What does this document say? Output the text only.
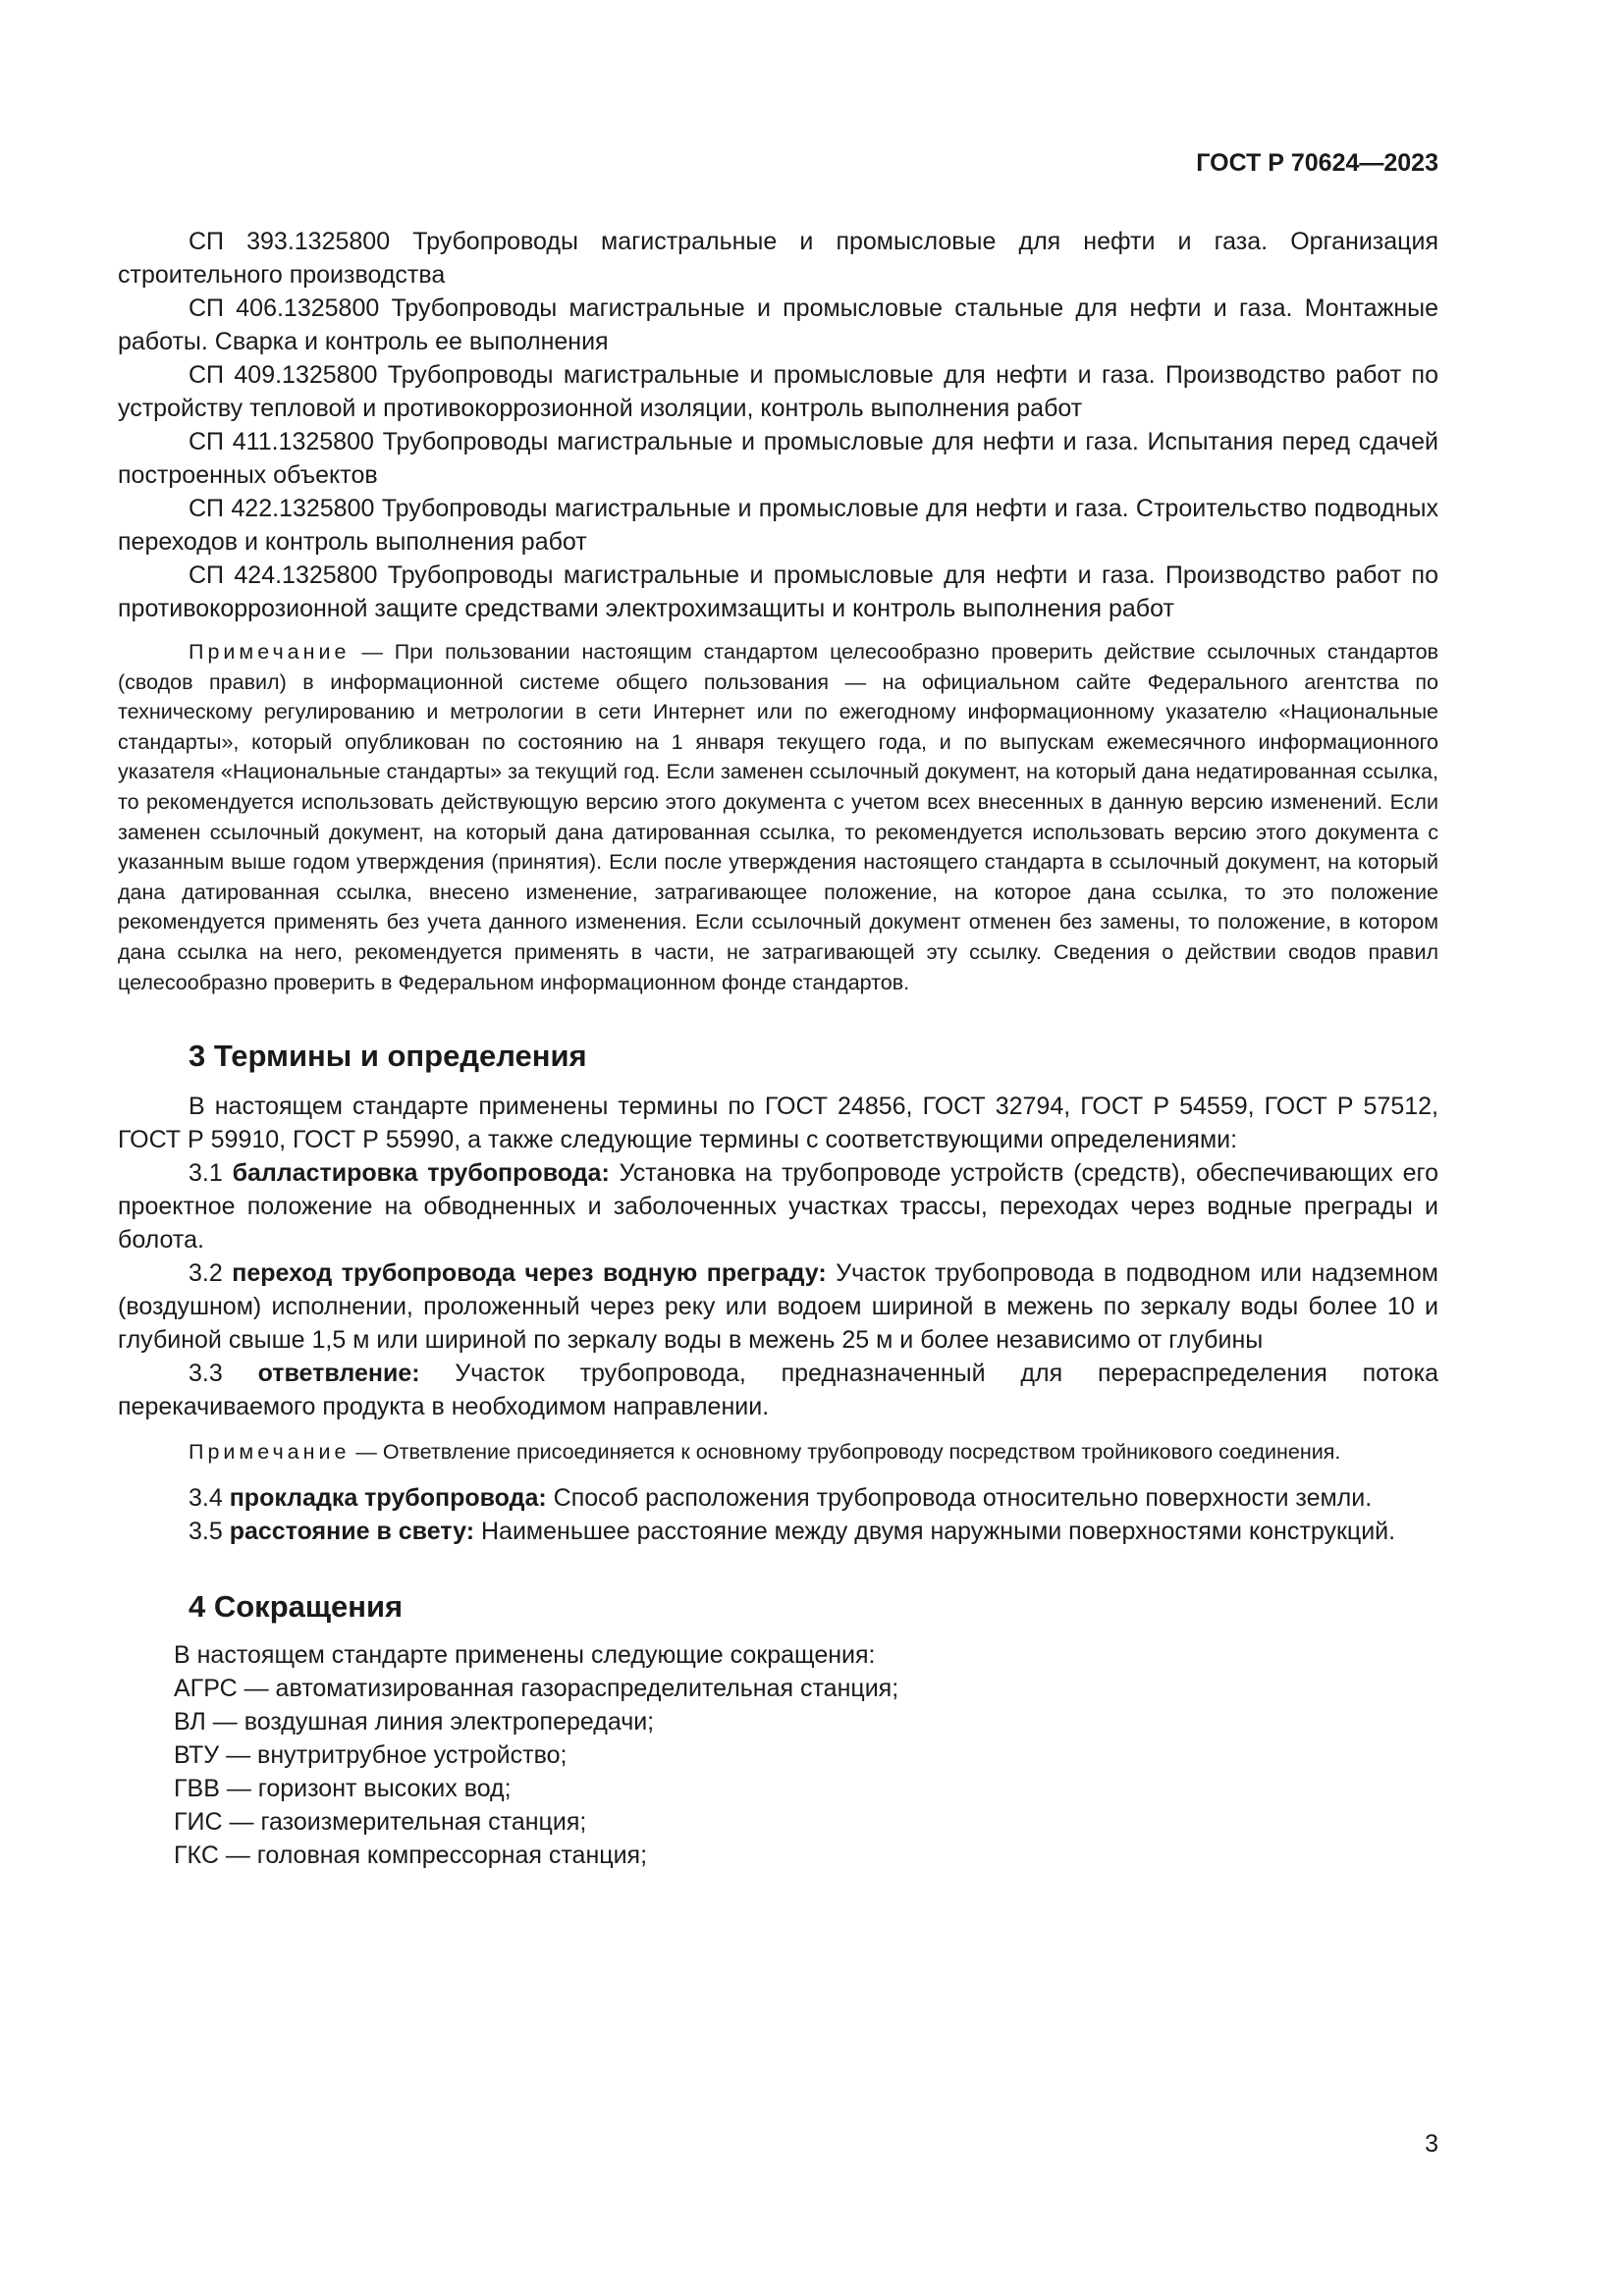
ГОСТ Р 70624—2023

СП 393.1325800 Трубопроводы магистральные и промысловые для нефти и газа. Организация строительного производства

СП 406.1325800 Трубопроводы магистральные и промысловые стальные для нефти и газа. Монтажные работы. Сварка и контроль ее выполнения

СП 409.1325800 Трубопроводы магистральные и промысловые для нефти и газа. Производство работ по устройству тепловой и противокоррозионной изоляции, контроль выполнения работ

СП 411.1325800 Трубопроводы магистральные и промысловые для нефти и газа. Испытания перед сдачей построенных объектов

СП 422.1325800 Трубопроводы магистральные и промысловые для нефти и газа. Строительство подводных переходов и контроль выполнения работ

СП 424.1325800 Трубопроводы магистральные и промысловые для нефти и газа. Производство работ по противокоррозионной защите средствами электрохимзащиты и контроль выполнения работ

Примечание — При пользовании настоящим стандартом целесообразно проверить действие ссылочных стандартов (сводов правил) в информационной системе общего пользования — на официальном сайте Федерального агентства по техническому регулированию и метрологии в сети Интернет или по ежегодному информационному указателю «Национальные стандарты», который опубликован по состоянию на 1 января текущего года, и по выпускам ежемесячного информационного указателя «Национальные стандарты» за текущий год. Если заменен ссылочный документ, на который дана недатированная ссылка, то рекомендуется использовать действующую версию этого документа с учетом всех внесенных в данную версию изменений. Если заменен ссылочный документ, на который дана датированная ссылка, то рекомендуется использовать версию этого документа с указанным выше годом утверждения (принятия). Если после утверждения настоящего стандарта в ссылочный документ, на который дана датированная ссылка, внесено изменение, затрагивающее положение, на которое дана ссылка, то это положение рекомендуется применять без учета данного изменения. Если ссылочный документ отменен без замены, то положение, в котором дана ссылка на него, рекомендуется применять в части, не затрагивающей эту ссылку. Сведения о действии сводов правил целесообразно проверить в Федеральном информационном фонде стандартов.

3 Термины и определения

В настоящем стандарте применены термины по ГОСТ 24856, ГОСТ 32794, ГОСТ Р 54559, ГОСТ Р 57512, ГОСТ Р 59910, ГОСТ Р 55990, а также следующие термины с соответствующими определениями:

3.1 балластировка трубопровода: Установка на трубопроводе устройств (средств), обеспечивающих его проектное положение на обводненных и заболоченных участках трассы, переходах через водные преграды и болота.

3.2 переход трубопровода через водную преграду: Участок трубопровода в подводном или надземном (воздушном) исполнении, проложенный через реку или водоем шириной в межень по зеркалу воды более 10 и глубиной свыше 1,5 м или шириной по зеркалу воды в межень 25 м и более независимо от глубины

3.3 ответвление: Участок трубопровода, предназначенный для перераспределения потока перекачиваемого продукта в необходимом направлении.

Примечание — Ответвление присоединяется к основному трубопроводу посредством тройникового соединения.

3.4 прокладка трубопровода: Способ расположения трубопровода относительно поверхности земли.

3.5 расстояние в свету: Наименьшее расстояние между двумя наружными поверхностями конструкций.

4 Сокращения

В настоящем стандарте применены следующие сокращения:

АГРС — автоматизированная газораспределительная станция;

ВЛ — воздушная линия электропередачи;

ВТУ — внутритрубное устройство;

ГВВ — горизонт высоких вод;

ГИС — газоизмерительная станция;

ГКС — головная компрессорная станция;

3
